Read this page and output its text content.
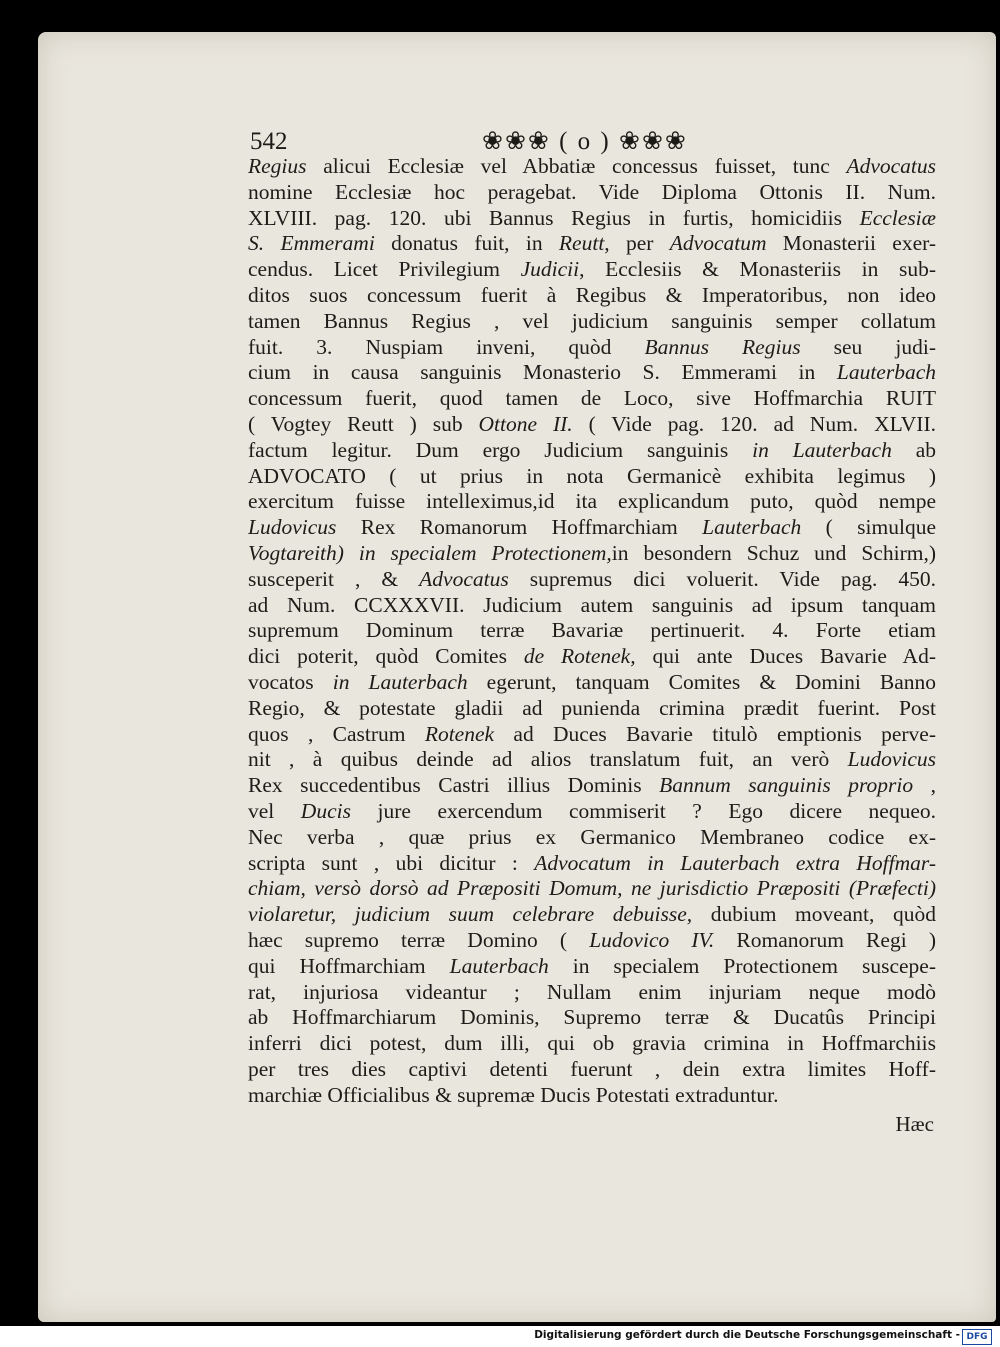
542	❀❀❀ ( o ) ❀❀❀
Regius alicui Ecclesiæ vel Abbatiæ concessus fuisset, tunc Advocatus
nomine Ecclesiæ hoc peragebat. Vide Diploma Ottonis II. Num.
XLVIII. pag. 120. ubi Bannus Regius in furtis, homicidiis Ecclesiæ
S. Emmerami donatus fuit, in Reutt, per Advocatum Monasterii exer-
cendus. Licet Privilegium Judicii, Ecclesiis & Monasteriis in sub-
ditos suos concessum fuerit à Regibus & Imperatoribus, non ideo
tamen Bannus Regius , vel judicium sanguinis semper collatum
fuit. 3. Nuspiam inveni, quòd Bannus Regius seu judi-
cium in causa sanguinis Monasterio S. Emmerami in Lauterbach
concessum fuerit, quod tamen de Loco, sive Hoffmarchia RUIT
( Vogtey Reutt ) sub Ottone II. ( Vide pag. 120. ad Num. XLVII.
factum legitur. Dum ergo Judicium sanguinis in Lauterbach ab
ADVOCATO ( ut prius in nota Germanicè exhibita legimus )
exercitum fuisse intelleximus,id ita explicandum puto, quòd nempe
Ludovicus Rex Romanorum Hoffmarchiam Lauterbach ( simulque
Vogtareith) in specialem Protectionem,in besondern Schuz und Schirm,)
susceperit , & Advocatus supremus dici voluerit. Vide pag. 450.
ad Num. CCXXXVII. Judicium autem sanguinis ad ipsum tanquam
supremum Dominum terræ Bavariæ pertinuerit. 4. Forte etiam
dici poterit, quòd Comites de Rotenek, qui ante Duces Bavarie Ad-
vocatos in Lauterbach egerunt, tanquam Comites & Domini Banno
Regio, & potestate gladii ad punienda crimina prædit fuerint. Post
quos , Castrum Rotenek ad Duces Bavarie titulò emptionis perve-
nit , à quibus deinde ad alios translatum fuit, an verò Ludovicus
Rex succedentibus Castri illius Dominis Bannum sanguinis proprio ,
vel Ducis jure exercendum commiserit ? Ego dicere nequeo.
Nec verba , quæ prius ex Germanico Membraneo codice ex-
scripta sunt , ubi dicitur : Advocatum in Lauterbach extra Hoffmar-
chiam, versò dorsò ad Præpositi Domum, ne jurisdictio Præpositi (Præfecti)
violaretur, judicium suum celebrare debuisse, dubium moveant, quòd
hæc supremo terræ Domino ( Ludovico IV. Romanorum Regi )
qui Hoffmarchiam Lauterbach in specialem Protectionem suscepe-
rat, injuriosa videantur ; Nullam enim injuriam neque modò
ab Hoffmarchiarum Dominis, Supremo terræ & Ducatûs Principi
inferri dici potest, dum illi, qui ob gravia crimina in Hoffmarchiis
per tres dies captivi detenti fuerunt , dein extra limites Hoff-
marchiæ Officialibus & supremæ Ducis Potestati extraduntur.
Hæc
Digitalisierung gefördert durch die Deutsche Forschungsgemeinschaft - DFG
